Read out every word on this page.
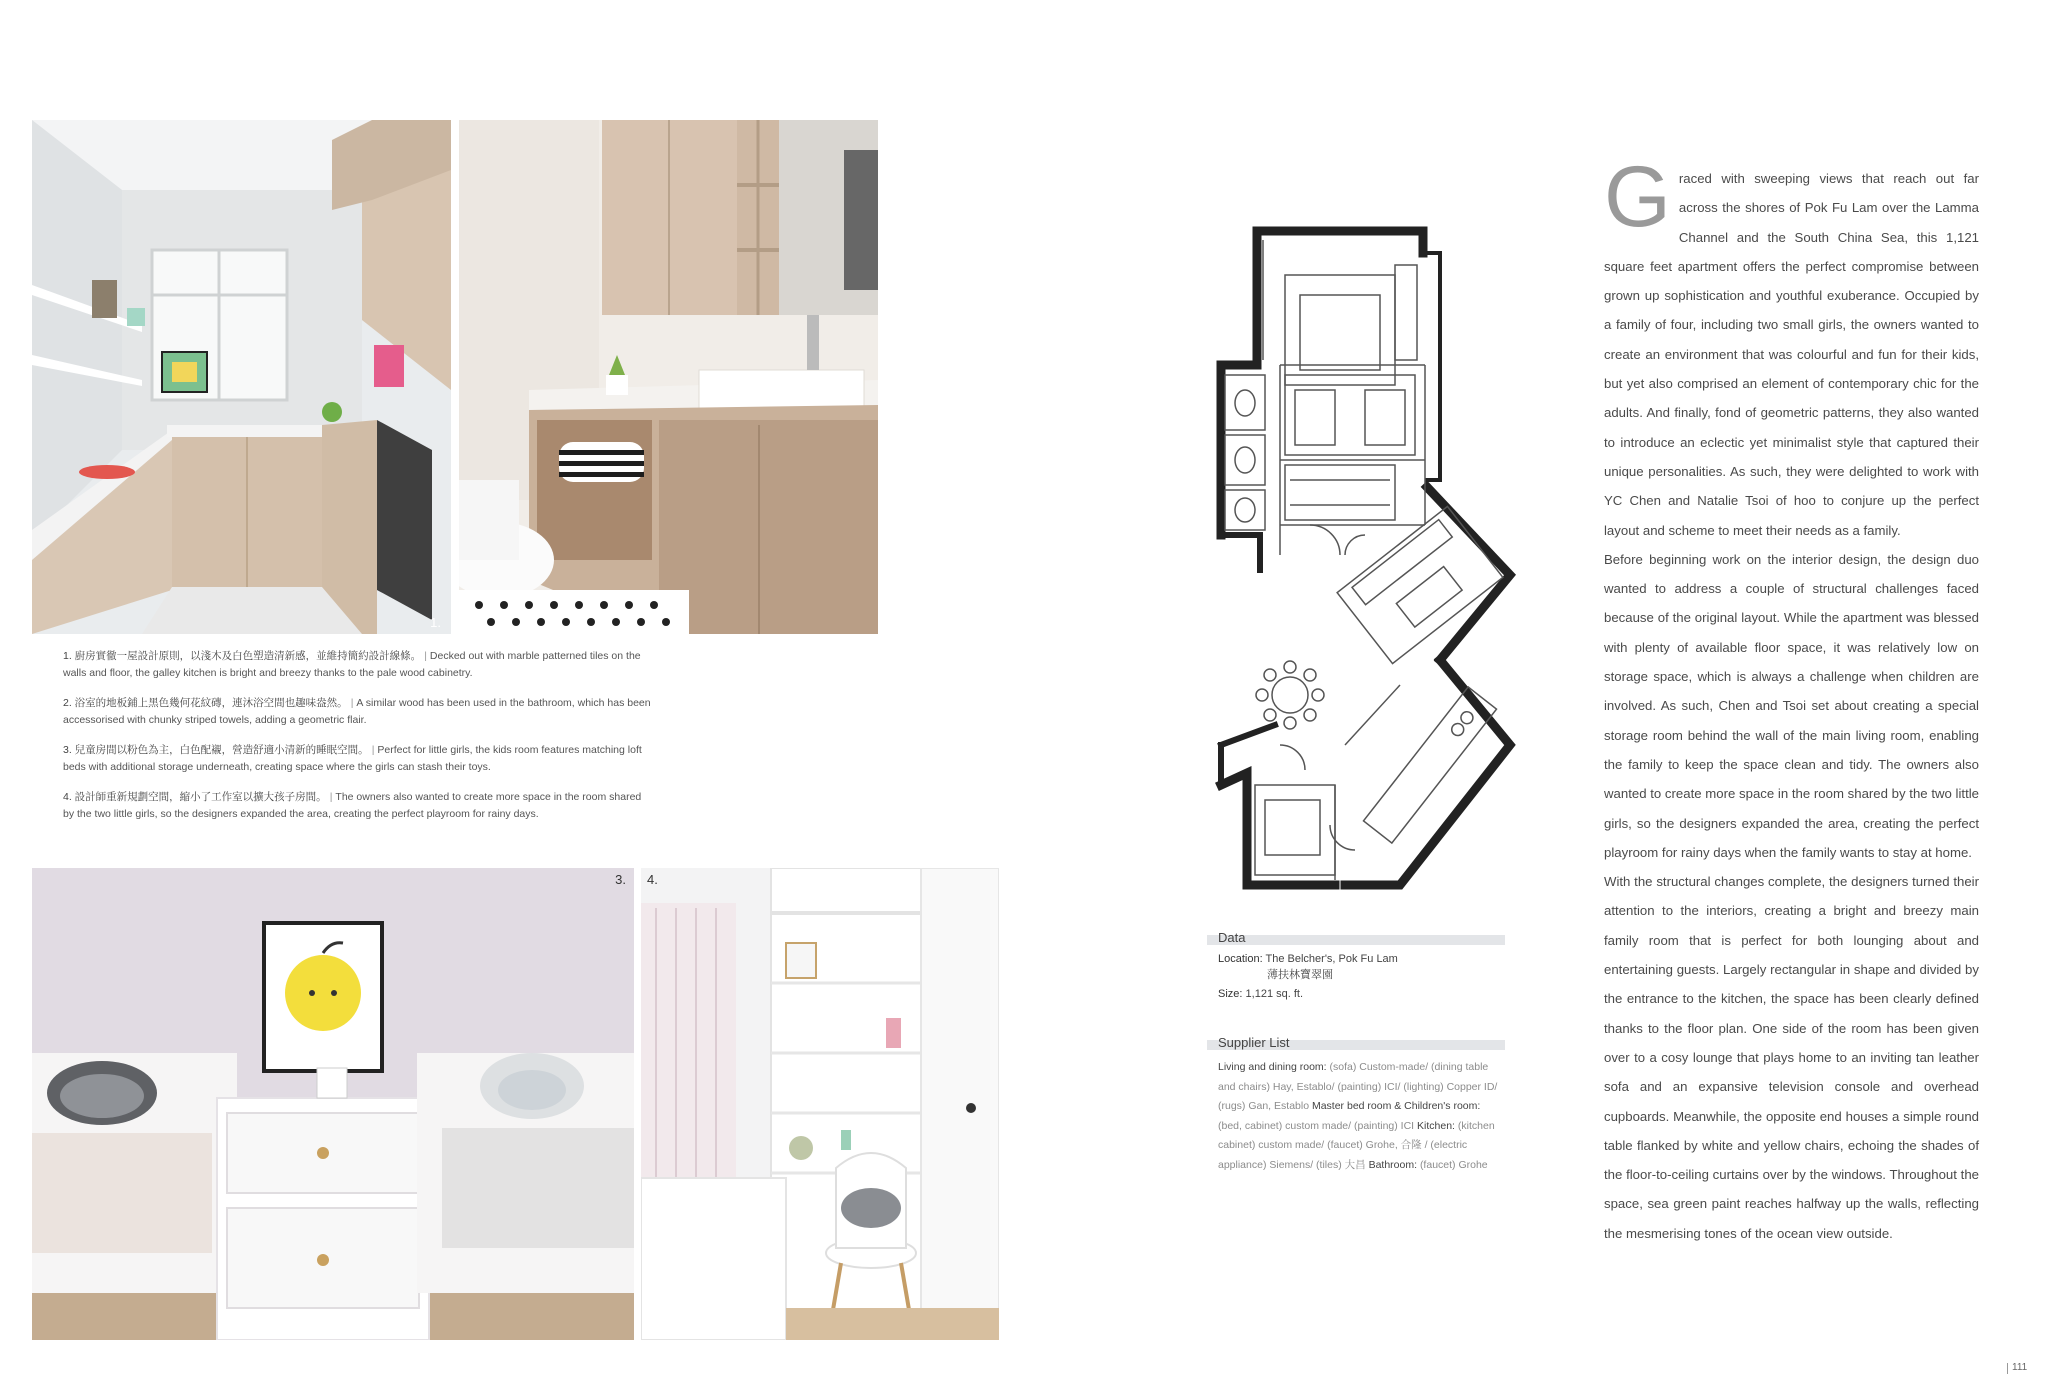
1. 2.

1. 廚房實徹一屋設計原則，以淺木及白色塑造清新感，並維持簡約設計線條。 | Decked out with marble patterned tiles on the walls and floor, the galley kitchen is bright and breezy thanks to the pale wood cabinetry.

2. 浴室的地板鋪上黑色幾何花紋磚，連沐浴空間也趣味盎然。 | A similar wood has been used in the bathroom, which has been accessorised with chunky striped towels, adding a geometric flair.

3. 兒童房間以粉色為主，白色配襯，營造舒適小清新的睡眠空間。 | Perfect for little girls, the kids room features matching loft beds with additional storage underneath, creating space where the girls can stash their toys.

4. 設計師重新規劃空間，縮小了工作室以擴大孩子房間。 | The owners also wanted to create more space in the room shared by the two little girls, so the designers expanded the area, creating the perfect playroom for rainy days.

3. 4.
Data
Location: The Belcher's, Pok Fu Lam
薄扶林寶翠園
Size: 1,121 sq. ft.
Supplier List
Living and dining room: (sofa) Custom-made/ (dining table and chairs) Hay, Establo/ (painting) ICI/ (lighting) Copper ID/ (rugs) Gan, Establo Master bed room & Children's room: (bed, cabinet) custom made/ (painting) ICI Kitchen: (kitchen cabinet) custom made/ (faucet) Grohe, 合隆 / (electric appliance) Siemens/ (tiles) 大昌 Bathroom: (faucet) Grohe

Graced with sweeping views that reach out far across the shores of Pok Fu Lam over the Lamma Channel and the South China Sea, this 1,121 square feet apartment offers the perfect compromise between grown up sophistication and youthful exuberance. Occupied by a family of four, including two small girls, the owners wanted to create an environment that was colourful and fun for their kids, but yet also comprised an element of contemporary chic for the adults. And finally, fond of geometric patterns, they also wanted to introduce an eclectic yet minimalist style that captured their unique personalities. As such, they were delighted to work with YC Chen and Natalie Tsoi of hoo to conjure up the perfect layout and scheme to meet their needs as a family.

Before beginning work on the interior design, the design duo wanted to address a couple of structural challenges faced because of the original layout. While the apartment was blessed with plenty of available floor space, it was relatively low on storage space, which is always a challenge when children are involved. As such, Chen and Tsoi set about creating a special storage room behind the wall of the main living room, enabling the family to keep the space clean and tidy. The owners also wanted to create more space in the room shared by the two little girls, so the designers expanded the area, creating the perfect playroom for rainy days when the family wants to stay at home.

With the structural changes complete, the designers turned their attention to the interiors, creating a bright and breezy main family room that is perfect for both lounging about and entertaining guests. Largely rectangular in shape and divided by the entrance to the kitchen, the space has been clearly defined thanks to the floor plan. One side of the room has been given over to a cosy lounge that plays home to an inviting tan leather sofa and an expansive television console and overhead cupboards. Meanwhile, the opposite end houses a simple round table flanked by white and yellow chairs, echoing the shades of the floor-to-ceiling curtains over by the windows. Throughout the space, sea green paint reaches halfway up the walls, reflecting the mesmerising tones of the ocean view outside.

111
